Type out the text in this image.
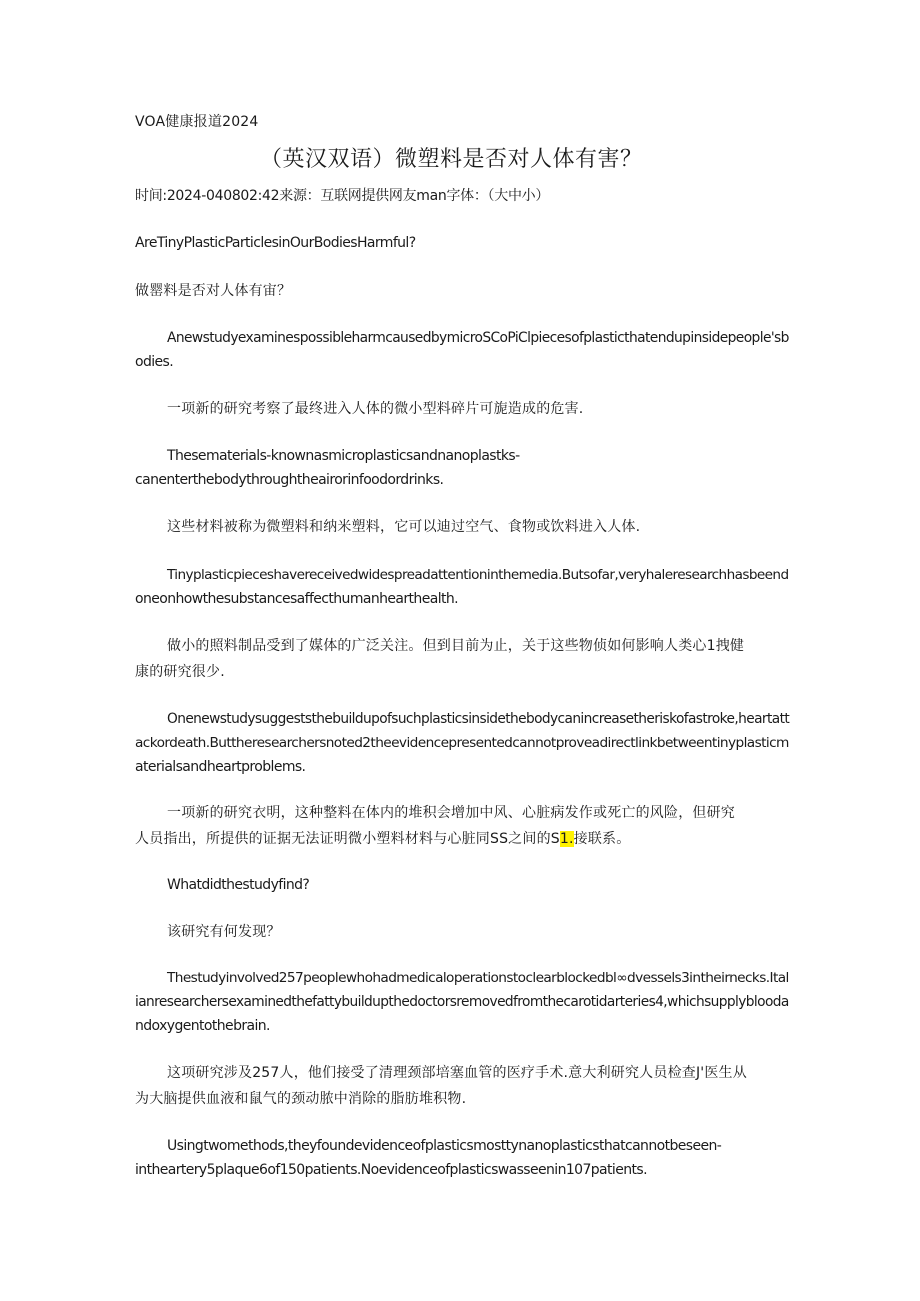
VOA健康报道2024
（英汉双语）微塑料是否对人体有害？
时间:2024-040802:42来源：互联网提供网友man字体：（大中小）
AreTinyPlasticParticlesinOurBodiesHarmful?
做罂料是否对人体有宙？
AnewstudyexaminespossibleharmcausedbymicroSCoPiClpiecesofplasticthatendupinsidepeople'sb
odies.
一项新的研究考察了最终进入人体的微小型料碎片可旎造成的危害.
Thesematerials-knownasmicroplasticsandnanoplastks-
canenterthebodythroughtheairorinfoodordrinks.
这些材料被称为微塑料和纳米塑料，它可以迪过空气、食物或饮料进入人体.
Tinyplasticpieceshavereceivedwidespreadattentioninthemedia.Butsofar,veryhaleresearchhasbeend
oneonhowthesubstancesaffecthumanhearthealth.
做小的照料制品受到了媒体的广泛关注。但到目前为止，关于这些物侦如何影响人类心1拽健
康的研究很少.
Onenewstudysuggeststhebuildupofsuchplasticsinsidethebodycanincreasetheriskofastroke,heartatt
ackordeath.Buttheresearchersnoted2theevidencepresentedcannotproveadirectlinkbetweentinyplasticm
aterialsandheartproblems.
一项新的研究衣明，这种整料在体内的堆积会增加中风、心脏病发作或死亡的风险，但研究
人员指出，所提供的证据无法证明微小塑料材料与心脏同SS之间的S1.接联系。
Whatdidthestudyfind?
该研究有何发现？
Thestudyinvolved257peoplewhohadmedicaloperationstoclearblockedbl∞dvessels3intheirnecks.Ital
ianresearchersexaminedthefattybuildupthedoctorsremovedfromthecarotidarteries4,whichsupplybloodа
ndoxygentothebrain.
这项研究涉及257人，他们接受了清理颈部培塞血管的医疗手术.意大利研究人员检查J'医生从
为大脑提供血液和鼠气的颈动脓中消除的脂肪堆积物.
Usingtwomethods,theyfoundevidenceofplasticsmosttynanoplasticsthatcannotbeseen-
intheartery5plaque6of150patients.Noevidenceofplasticswasseenin107patients.
